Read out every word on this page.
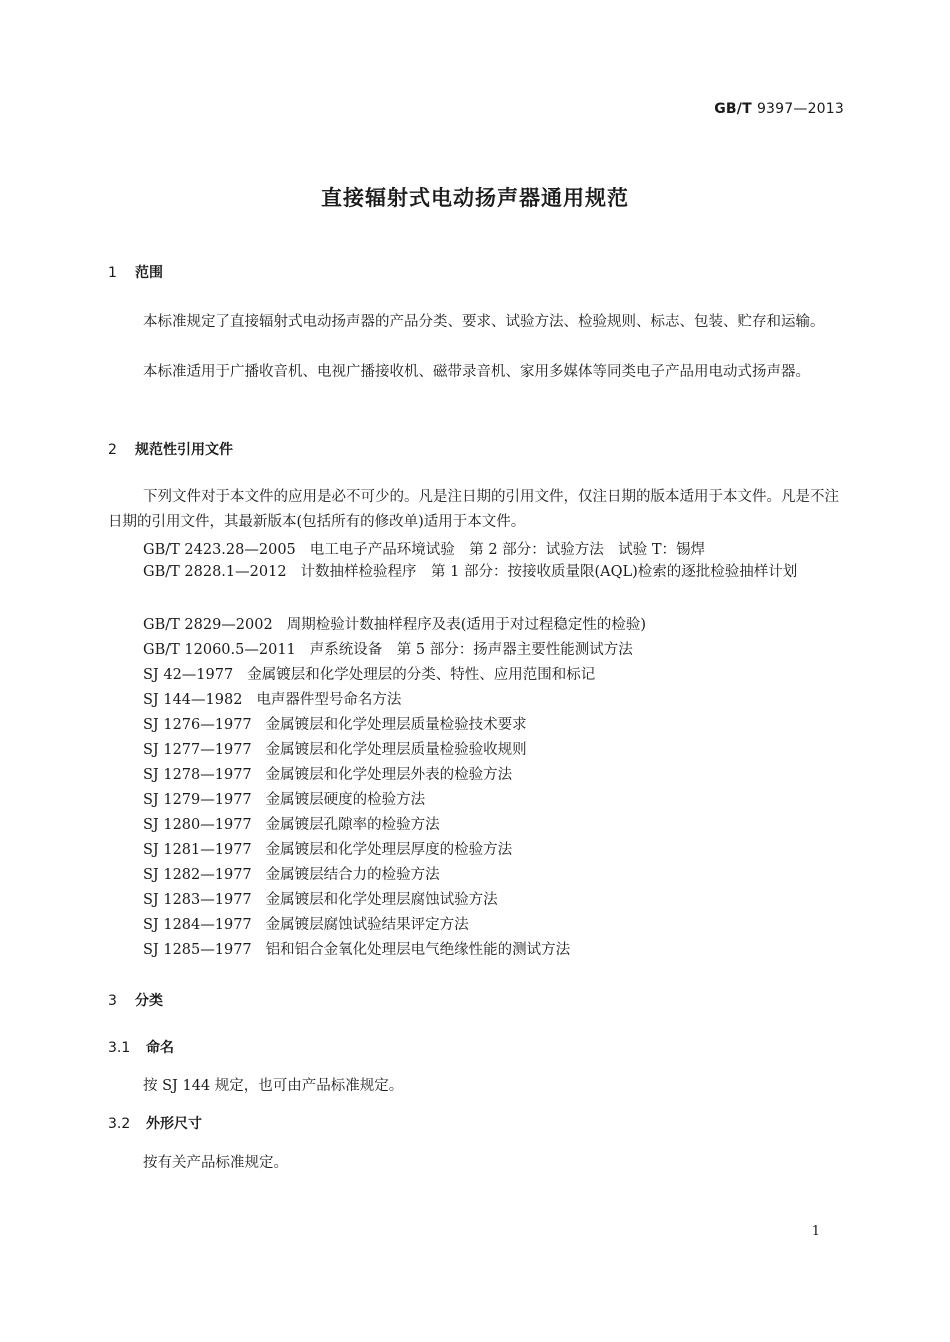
GB/T 9397—2013
直接辐射式电动扬声器通用规范
1 范围
本标准规定了直接辐射式电动扬声器的产品分类、要求、试验方法、检验规则、标志、包装、贮存和运输。
本标准适用于广播收音机、电视广播接收机、磁带录音机、家用多媒体等同类电子产品用电动式扬声器。
2 规范性引用文件
下列文件对于本文件的应用是必不可少的。凡是注日期的引用文件，仅注日期的版本适用于本文件。凡是不注日期的引用文件，其最新版本(包括所有的修改单)适用于本文件。
GB/T 2423.28—2005 电工电子产品环境试验　第 2 部分：试验方法　试验 T：锡焊
GB/T 2828.1—2012 计数抽样检验程序　第 1 部分：按接收质量限(AQL)检索的逐批检验抽样计划
GB/T 2829—2002 周期检验计数抽样程序及表(适用于对过程稳定性的检验)
GB/T 12060.5—2011 声系统设备　第 5 部分：扬声器主要性能测试方法
SJ 42—1977 金属镀层和化学处理层的分类、特性、应用范围和标记
SJ 144—1982 电声器件型号命名方法
SJ 1276—1977 金属镀层和化学处理层质量检验技术要求
SJ 1277—1977 金属镀层和化学处理层质量检验验收规则
SJ 1278—1977 金属镀层和化学处理层外表的检验方法
SJ 1279—1977 金属镀层硬度的检验方法
SJ 1280—1977 金属镀层孔隙率的检验方法
SJ 1281—1977 金属镀层和化学处理层厚度的检验方法
SJ 1282—1977 金属镀层结合力的检验方法
SJ 1283—1977 金属镀层和化学处理层腐蚀试验方法
SJ 1284—1977 金属镀层腐蚀试验结果评定方法
SJ 1285—1977 铝和铝合金氧化处理层电气绝缘性能的测试方法
3 分类
3.1 命名
按 SJ 144 规定，也可由产品标准规定。
3.2 外形尺寸
按有关产品标准规定。
1
